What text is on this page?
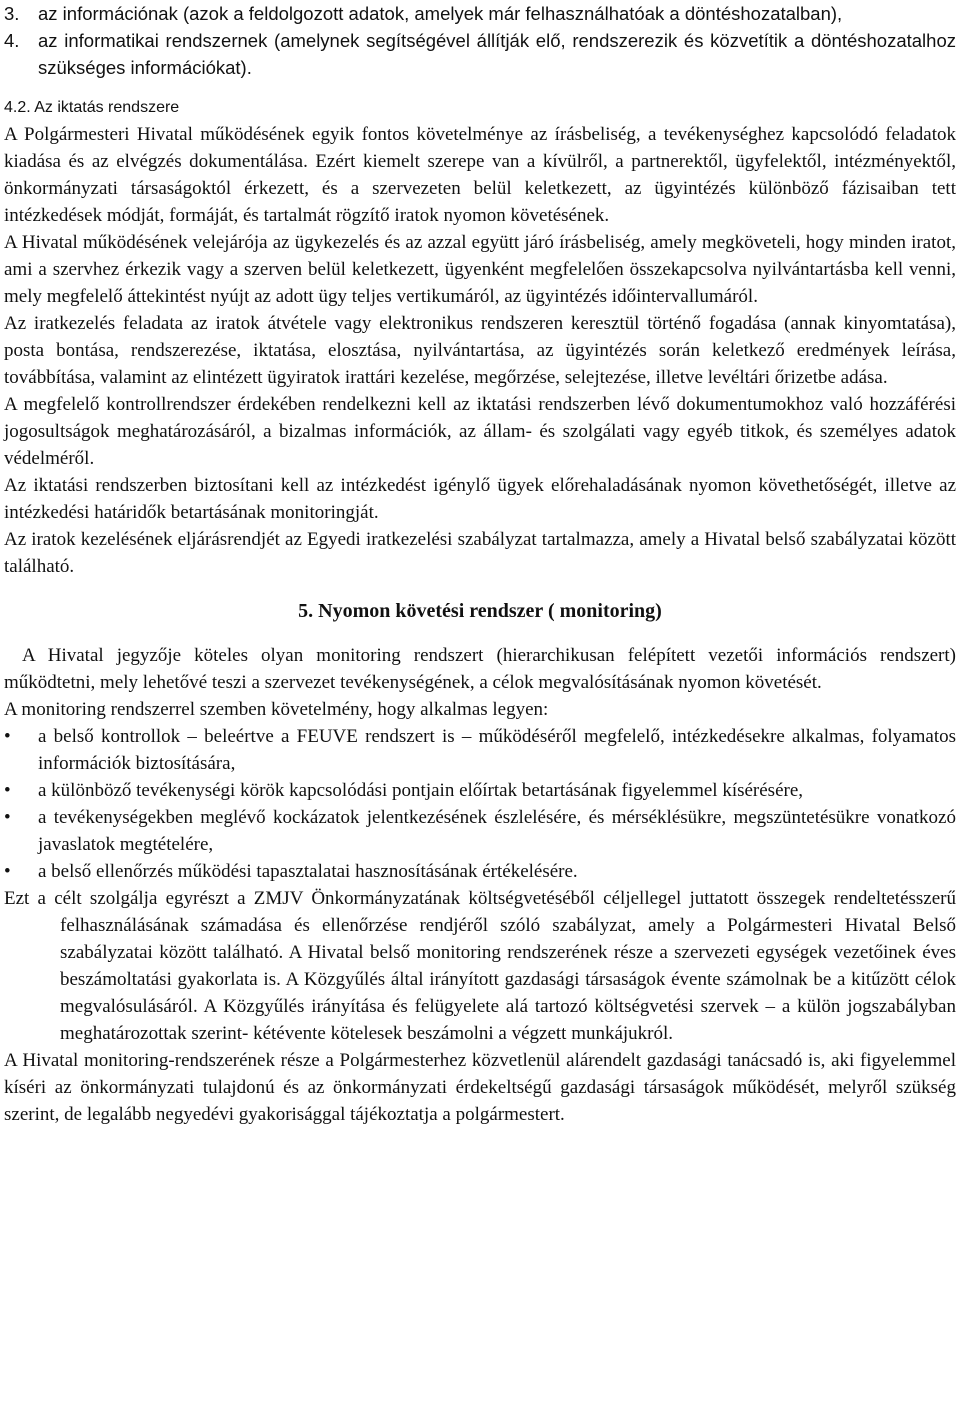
3. az információnak (azok a feldolgozott adatok, amelyek már felhasználhatóak a döntéshozatalban),
4. az informatikai rendszernek (amelynek segítségével állítják elő, rendszerezik és közvetítik a döntéshozatalhoz szükséges információkat).

4.2. Az iktatás rendszere

A Polgármesteri Hivatal működésének egyik fontos követelménye az írásbeliség, a tevékenységhez kapcsolódó feladatok kiadása és az elvégzés dokumentálása. Ezért kiemelt szerepe van a kívülről, a partnerektől, ügyfelektől, intézményektől, önkormányzati társaságoktól érkezett, és a szervezeten belül keletkezett, az ügyintézés különböző fázisaiban tett intézkedések módját, formáját, és tartalmát rögzítő iratok nyomon követésének.

A Hivatal működésének velejárója az ügykezelés és az azzal együtt járó írásbeliség, amely megköveteli, hogy minden iratot, ami a szervhez érkezik vagy a szerven belül keletkezett, ügyenként megfelelően összekapcsolva nyilvántartásba kell venni, mely megfelelő áttekintést nyújt az adott ügy teljes vertikumáról, az ügyintézés időintervallumáról.

Az iratkezelés feladata az iratok átvétele vagy elektronikus rendszeren keresztül történő fogadása (annak kinyomtatása), posta bontása, rendszerezése, iktatása, elosztása, nyilvántartása, az ügyintézés során keletkező eredmények leírása, továbbítása, valamint az elintézett ügyiratok irattári kezelése, megőrzése, selejtezése, illetve levéltári őrizetbe adása.

A megfelelő kontrollrendszer érdekében rendelkezni kell az iktatási rendszerben lévő dokumentumokhoz való hozzáférési jogosultságok meghatározásáról, a bizalmas információk, az állam- és szolgálati vagy egyéb titkok, és személyes adatok védelméről.

Az iktatási rendszerben biztosítani kell az intézkedést igénylő ügyek előrehaladásának nyomon követhetőségét, illetve az intézkedési határidők betartásának monitoringját.

Az iratok kezelésének eljárásrendjét az Egyedi iratkezelési szabályzat tartalmazza, amely a Hivatal belső szabályzatai között található.

5. Nyomon követési rendszer ( monitoring)

A Hivatal jegyzője köteles olyan monitoring rendszert (hierarchikusan felépített vezetői információs rendszert) működtetni, mely lehetővé teszi a szervezet tevékenységének, a célok megvalósításának nyomon követését.

A monitoring rendszerrel szemben követelmény, hogy alkalmas legyen:

• a belső kontrollok – beleértve a FEUVE rendszert is – működéséről megfelelő, intézkedésekre alkalmas, folyamatos információk biztosítására,
• a különböző tevékenységi körök kapcsolódási pontjain előírtak betartásának figyelemmel kísérésére,
• a tevékenységekben meglévő kockázatok jelentkezésének észlelésére, és mérséklésükre, megszüntetésükre vonatkozó javaslatok megtételére,
• a belső ellenőrzés működési tapasztalatai hasznosításának értékelésére.

Ezt a célt szolgálja egyrészt a ZMJV Önkormányzatának költségvetéséből céljellegel juttatott összegek rendeltetésszerű felhasználásának számadása és ellenőrzése rendjéről szóló szabályzat, amely a Polgármesteri Hivatal Belső szabályzatai között található. A Hivatal belső monitoring rendszerének része a szervezeti egységek vezetőinek éves beszámoltatási gyakorlata is. A Közgyűlés által irányított gazdasági társaságok évente számolnak be a kitűzött célok megvalósulásáról. A Közgyűlés irányítása és felügyelete alá tartozó költségvetési szervek – a külön jogszabályban meghatározottak szerint- kétévente kötelesek beszámolni a végzett munkájukról.

A Hivatal monitoring-rendszerének része a Polgármesterhez közvetlenül alárendelt gazdasági tanácsadó is, aki figyelemmel kíséri az önkormányzati tulajdonú és az önkormányzati érdekeltségű gazdasági társaságok működését, melyről szükség szerint, de legalább negyedévi gyakorisággal tájékoztatja a polgármestert.
